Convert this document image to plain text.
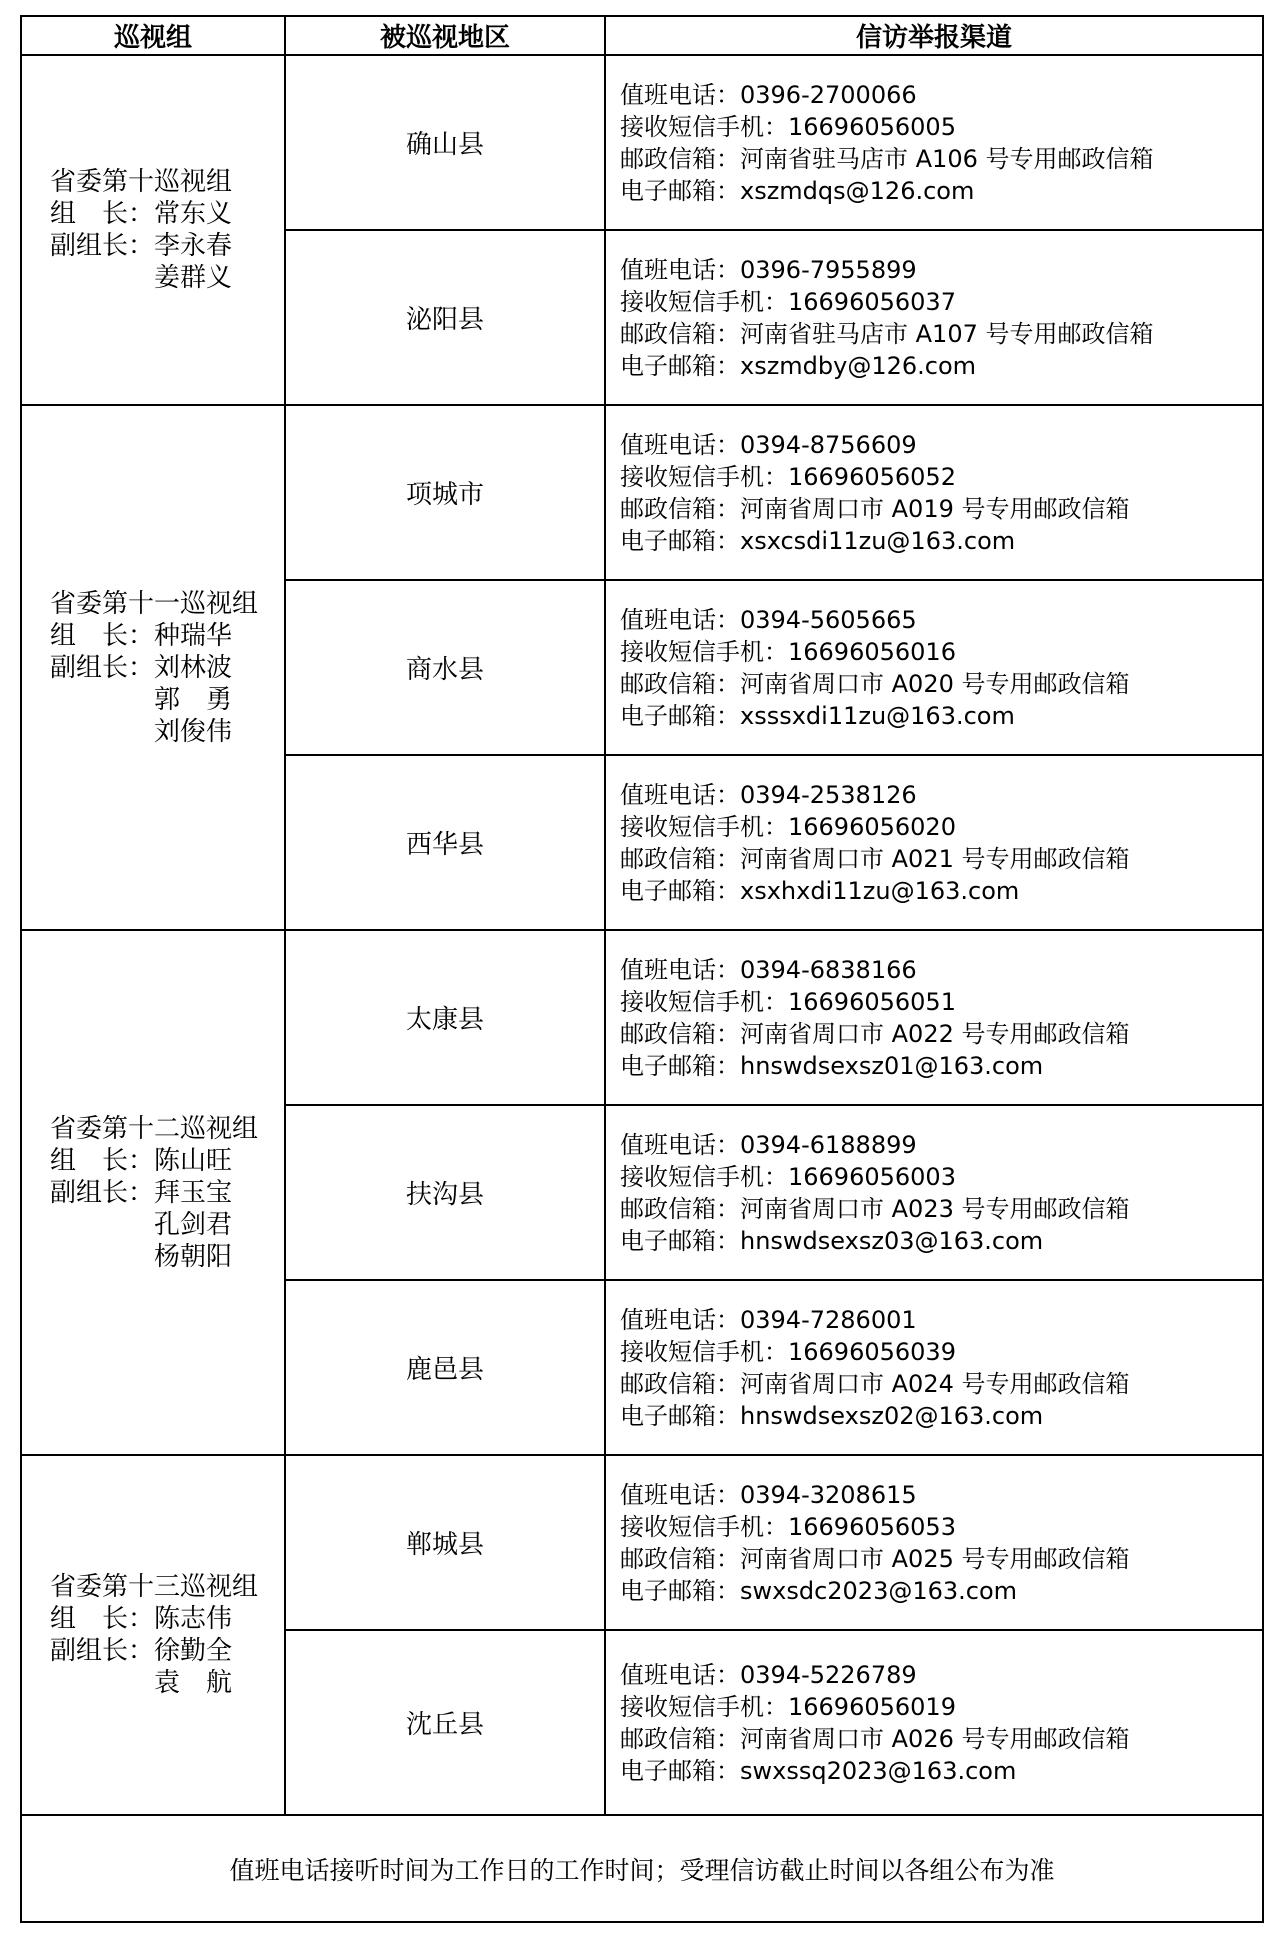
巡视组	被巡视地区	信访举报渠道

省委第十巡视组
组　长：常东义
副组长：李永春
　　　　姜群义	确山县	值班电话：0396-2700066
接收短信手机：16696056005
邮政信箱：河南省驻马店市 A106 号专用邮政信箱
电子邮箱：xszmdqs@126.com

	泌阳县	值班电话：0396-7955899
接收短信手机：16696056037
邮政信箱：河南省驻马店市 A107 号专用邮政信箱
电子邮箱：xszmdby@126.com

省委第十一巡视组
组　长：种瑞华
副组长：刘林波
　　　　郭　勇
　　　　刘俊伟	项城市	值班电话：0394-8756609
接收短信手机：16696056052
邮政信箱：河南省周口市 A019 号专用邮政信箱
电子邮箱：xsxcsdi11zu@163.com

	商水县	值班电话：0394-5605665
接收短信手机：16696056016
邮政信箱：河南省周口市 A020 号专用邮政信箱
电子邮箱：xsssxdi11zu@163.com

	西华县	值班电话：0394-2538126
接收短信手机：16696056020
邮政信箱：河南省周口市 A021 号专用邮政信箱
电子邮箱：xsxhxdi11zu@163.com

省委第十二巡视组
组　长：陈山旺
副组长：拜玉宝
　　　　孔剑君
　　　　杨朝阳	太康县	值班电话：0394-6838166
接收短信手机：16696056051
邮政信箱：河南省周口市 A022 号专用邮政信箱
电子邮箱：hnswdsexsz01@163.com

	扶沟县	值班电话：0394-6188899
接收短信手机：16696056003
邮政信箱：河南省周口市 A023 号专用邮政信箱
电子邮箱：hnswdsexsz03@163.com

	鹿邑县	值班电话：0394-7286001
接收短信手机：16696056039
邮政信箱：河南省周口市 A024 号专用邮政信箱
电子邮箱：hnswdsexsz02@163.com

省委第十三巡视组
组　长：陈志伟
副组长：徐勤全
　　　　袁　航	郸城县	值班电话：0394-3208615
接收短信手机：16696056053
邮政信箱：河南省周口市 A025 号专用邮政信箱
电子邮箱：swxsdc2023@163.com

	沈丘县	值班电话：0394-5226789
接收短信手机：16696056019
邮政信箱：河南省周口市 A026 号专用邮政信箱
电子邮箱：swxssq2023@163.com

值班电话接听时间为工作日的工作时间；受理信访截止时间以各组公布为准		
